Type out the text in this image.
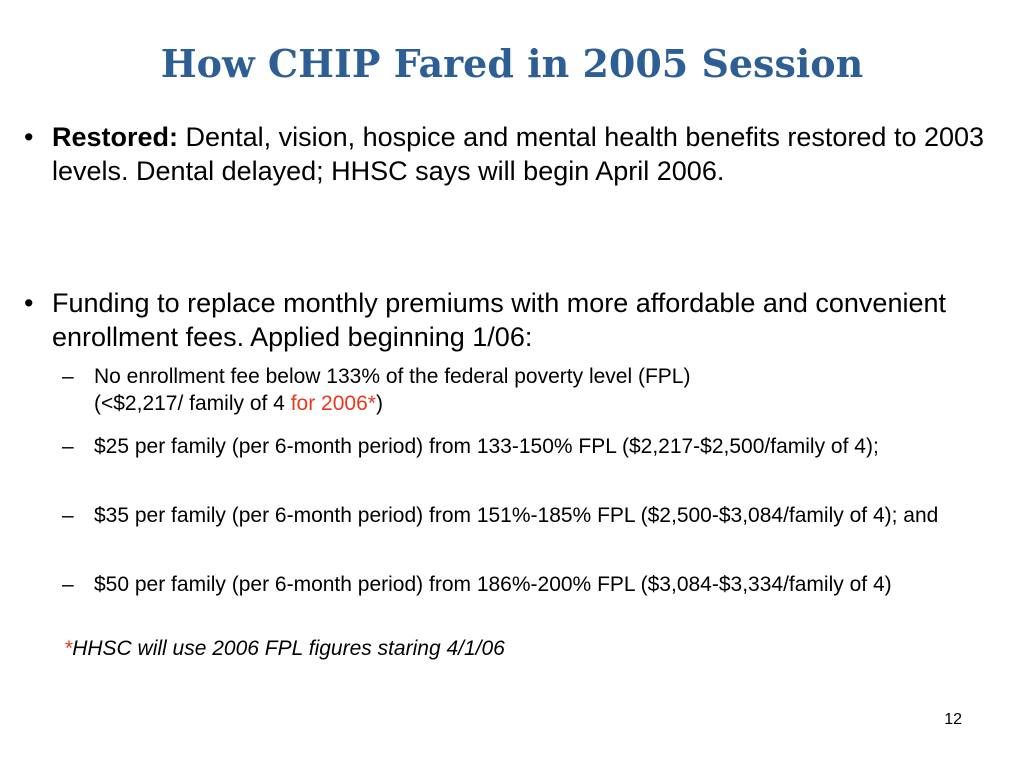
How CHIP Fared in 2005 Session
• Restored: Dental, vision, hospice and mental health benefits restored to 2003 levels. Dental delayed; HHSC says will begin April 2006.
• Funding to replace monthly premiums with more affordable and convenient enrollment fees. Applied beginning 1/06:
– No enrollment fee below 133% of the federal poverty level (FPL)
(<$2,217/ family of 4 for 2006*)
– $25 per family (per 6-month period) from 133-150% FPL ($2,217-$2,500/family of 4);
– $35 per family (per 6-month period) from 151%-185% FPL ($2,500-$3,084/family of 4); and
– $50 per family (per 6-month period) from 186%-200% FPL ($3,084-$3,334/family of 4)
*HHSC will use 2006 FPL figures staring 4/1/06
12
